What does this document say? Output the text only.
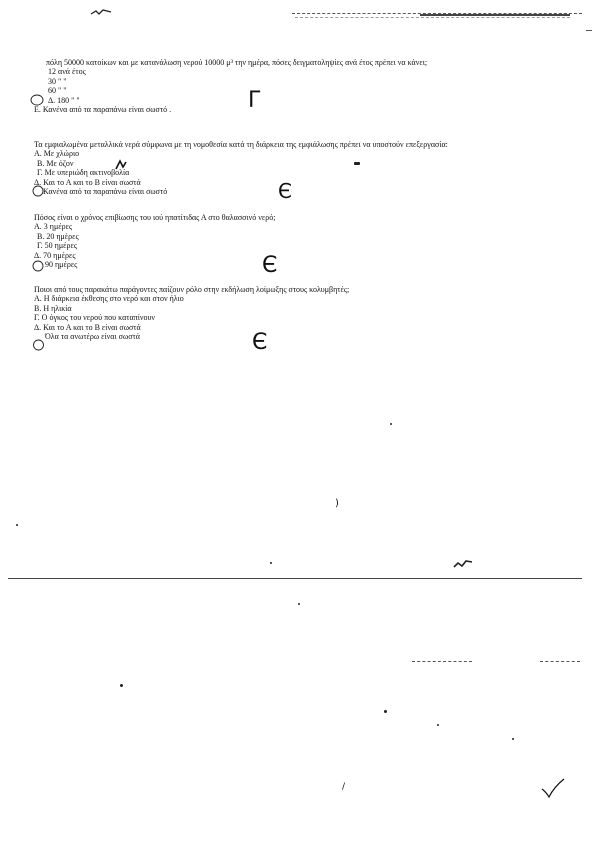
πόλη 50000 κατοίκων και με κατανάλωση νερού 10000 μ³ την ημέρα, πόσες δειγματοληψίες ανά έτος πρέπει να κάνει;
12 ανά έτος
30 " "
60 " "
Δ. 180 " "
Ε. Κανένα από τα παραπάνω είναι σωστό .	Γ
Τα εμφιαλωμένα μεταλλικά νερά σύμφωνα με τη νομοθεσία κατά τη διάρκεια της εμφιάλωσης πρέπει να υποστούν επεξεργασία:
Α. Με χλώριο
Β. Με όζον
Γ. Με υπεριώδη ακτινοβολία
Δ. Και το Α και το Β είναι σωστά
Κανένα από τα παραπάνω είναι σωστό	Є
Πόσος είναι ο χρόνος επιβίωσης του ιού ηπατίτιδας Α στο θαλασσινό νερό;
Α. 3 ημέρες
Β. 20 ημέρες
Γ. 50 ημέρες
Δ. 70 ημέρες
90 ημέρες	Є
Ποιοι από τους παρακάτω παράγοντες παίζουν ρόλο στην εκδήλωση λοίμωξης στους κολυμβητές;
Α. Η διάρκεια έκθεσης στο νερό και στον ήλιο
Β. Η ηλικία
Γ. Ο όγκος του νερού που καταπίνουν
Δ. Και το Α και το Β είναι σωστά
Όλα τα ανωτέρω είναι σωστά	Є
)
/
